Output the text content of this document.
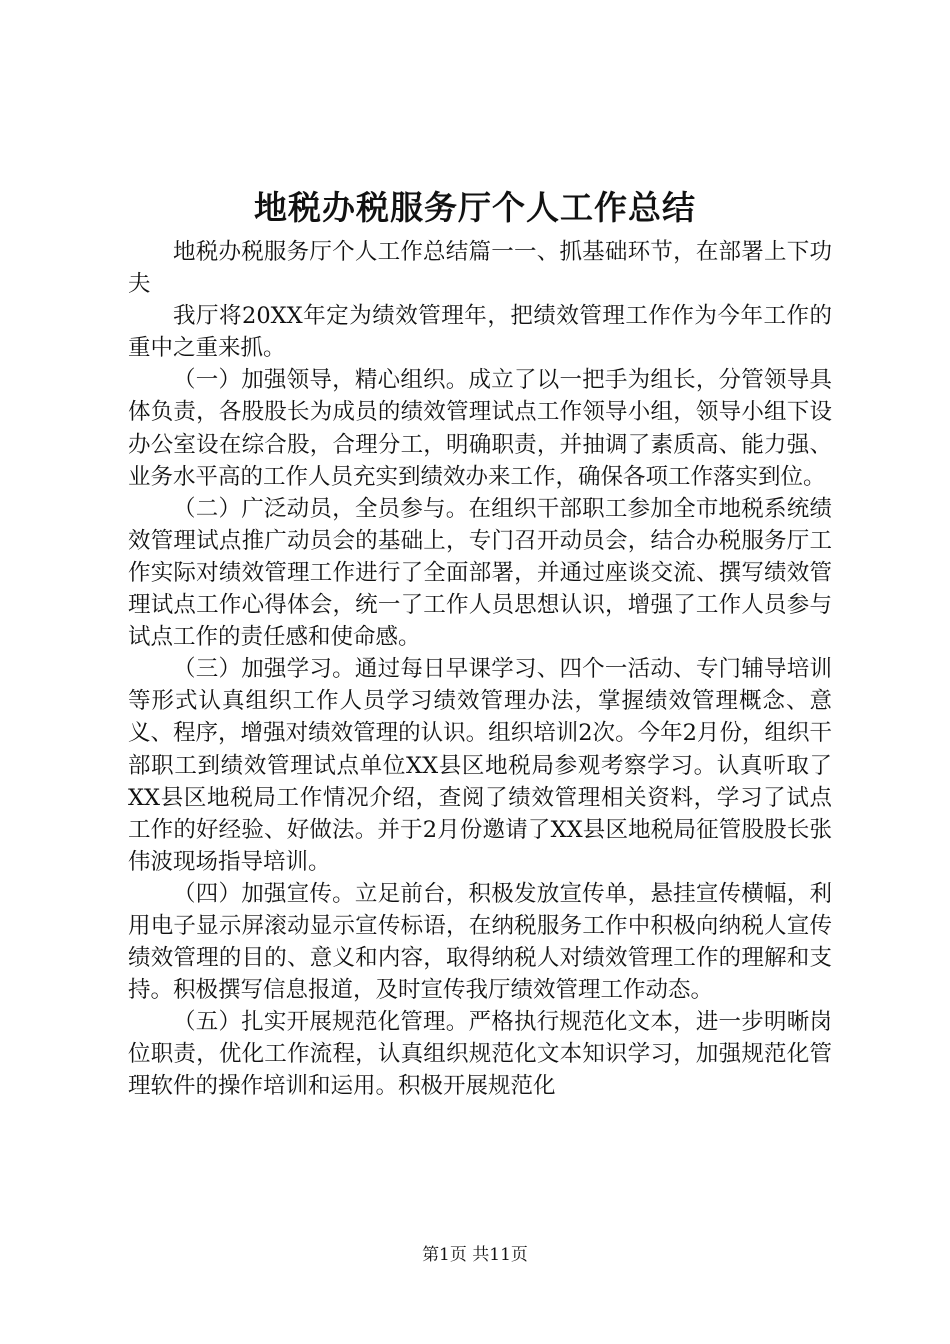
地税办税服务厅个人工作总结

地税办税服务厅个人工作总结篇一一、抓基础环节，在部署上下功夫

我厅将20XX年定为绩效管理年，把绩效管理工作作为今年工作的重中之重来抓。

（一）加强领导，精心组织。成立了以一把手为组长，分管领导具体负责，各股股长为成员的绩效管理试点工作领导小组，领导小组下设办公室设在综合股，合理分工，明确职责，并抽调了素质高、能力强、业务水平高的工作人员充实到绩效办来工作，确保各项工作落实到位。

（二）广泛动员，全员参与。在组织干部职工参加全市地税系统绩效管理试点推广动员会的基础上，专门召开动员会，结合办税服务厅工作实际对绩效管理工作进行了全面部署，并通过座谈交流、撰写绩效管理试点工作心得体会，统一了工作人员思想认识，增强了工作人员参与试点工作的责任感和使命感。

（三）加强学习。通过每日早课学习、四个一活动、专门辅导培训等形式认真组织工作人员学习绩效管理办法，掌握绩效管理概念、意义、程序，增强对绩效管理的认识。组织培训2次。今年2月份，组织干部职工到绩效管理试点单位XX县区地税局参观考察学习。认真听取了XX县区地税局工作情况介绍，查阅了绩效管理相关资料，学习了试点工作的好经验、好做法。并于2月份邀请了XX县区地税局征管股股长张伟波现场指导培训。

（四）加强宣传。立足前台，积极发放宣传单，悬挂宣传横幅，利用电子显示屏滚动显示宣传标语，在纳税服务工作中积极向纳税人宣传绩效管理的目的、意义和内容，取得纳税人对绩效管理工作的理解和支持。积极撰写信息报道，及时宣传我厅绩效管理工作动态。

（五）扎实开展规范化管理。严格执行规范化文本，进一步明晰岗位职责，优化工作流程，认真组织规范化文本知识学习，加强规范化管理软件的操作培训和运用。积极开展规范化

第1页 共11页
